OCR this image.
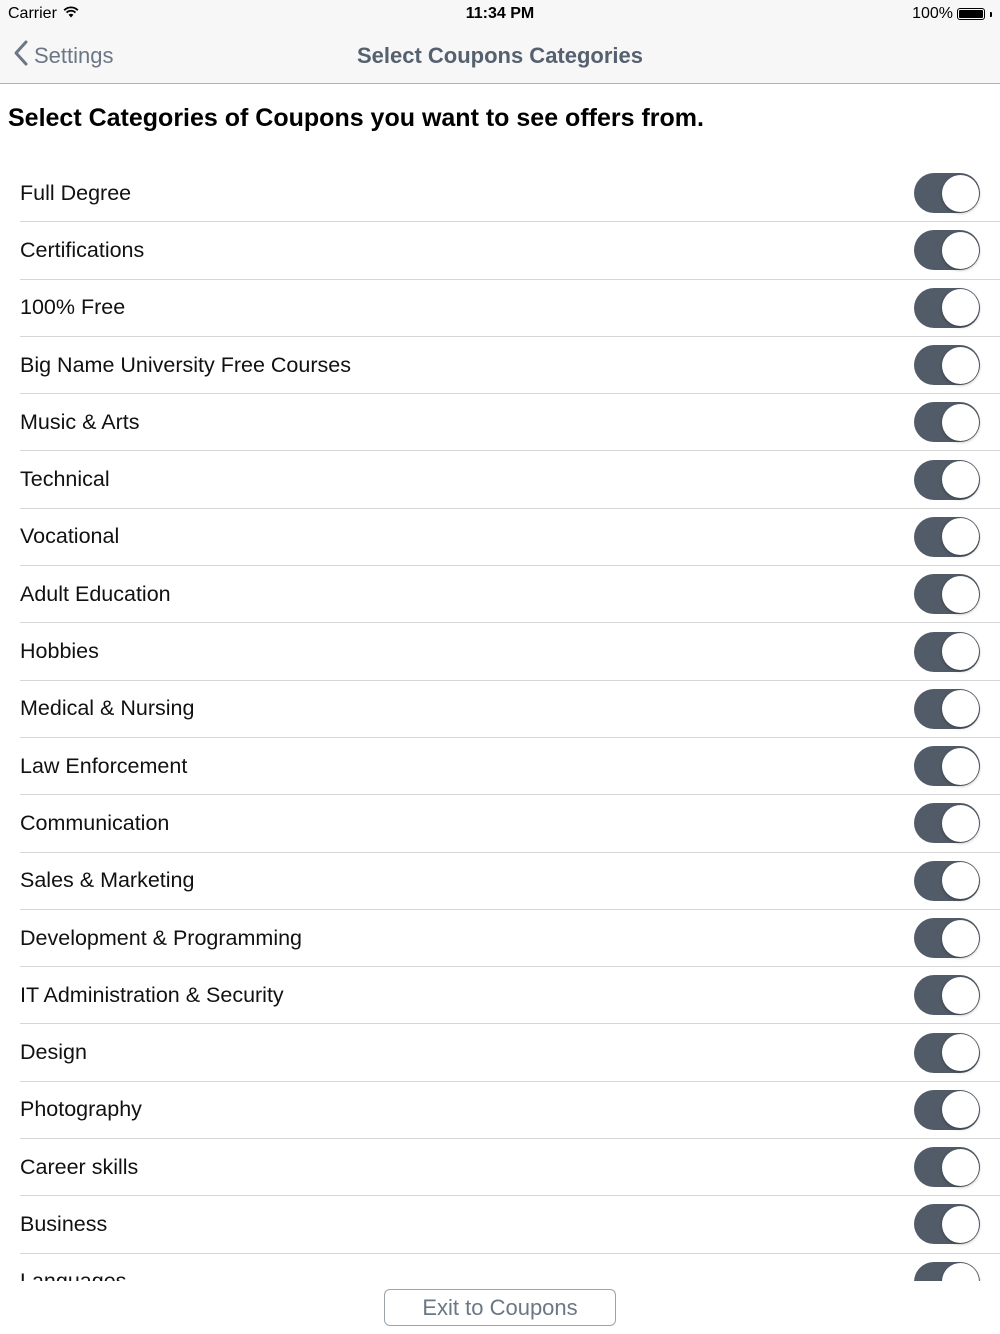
Carrier	11:34 PM	100%
Settings	Select Coupons Categories
Select Categories of Coupons you want to see offers from.
Full Degree
Certifications
100% Free
Big Name University Free Courses
Music & Arts
Technical
Vocational
Adult Education
Hobbies
Medical & Nursing
Law Enforcement
Communication
Sales & Marketing
Development & Programming
IT Administration & Security
Design
Photography
Career skills
Business
Exit to Coupons
